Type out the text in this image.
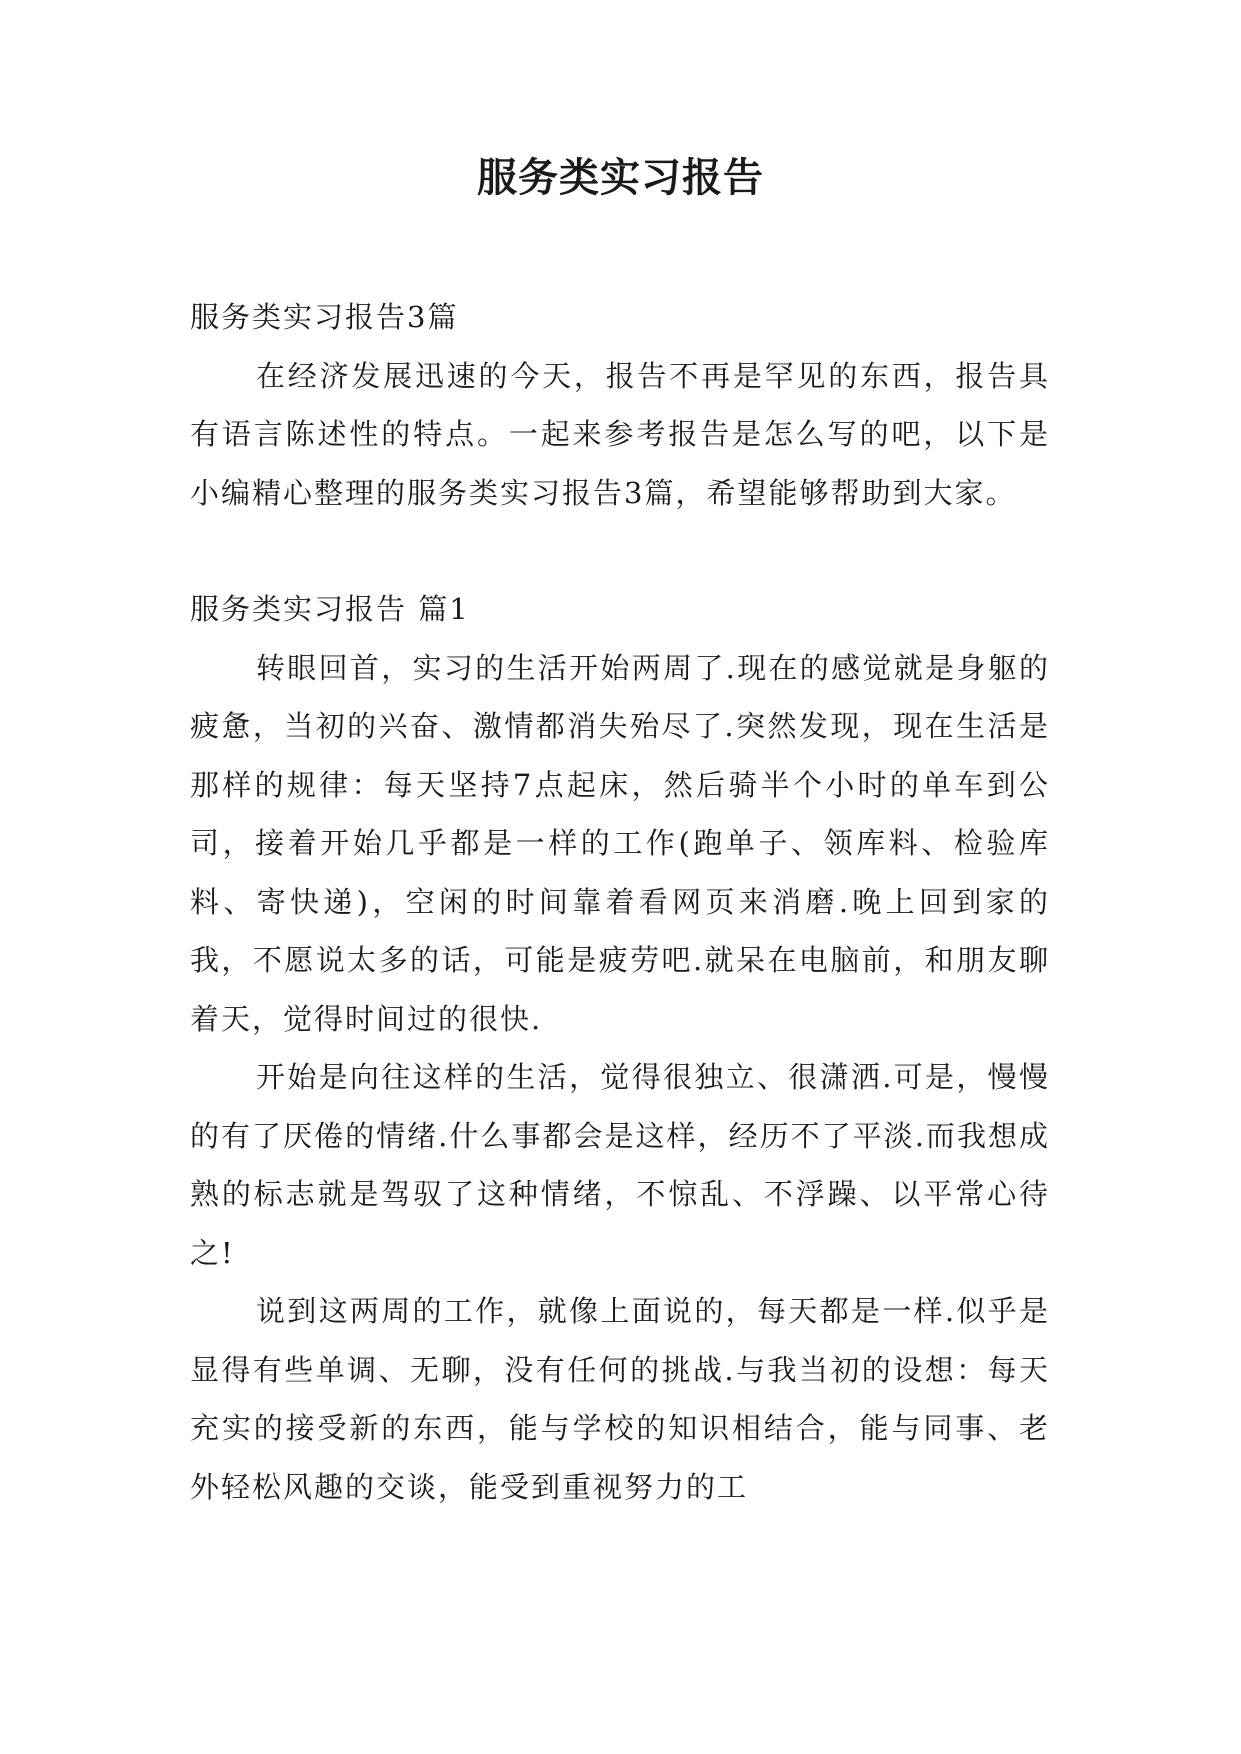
服务类实习报告

服务类实习报告3篇

在经济发展迅速的今天，报告不再是罕见的东西，报告具有语言陈述性的特点。一起来参考报告是怎么写的吧，以下是小编精心整理的服务类实习报告3篇，希望能够帮助到大家。

服务类实习报告 篇1

转眼回首，实习的生活开始两周了.现在的感觉就是身躯的疲惫，当初的兴奋、激情都消失殆尽了.突然发现，现在生活是那样的规律：每天坚持7点起床，然后骑半个小时的单车到公司，接着开始几乎都是一样的工作(跑单子、领库料、检验库料、寄快递)，空闲的时间靠着看网页来消磨.晚上回到家的我，不愿说太多的话，可能是疲劳吧.就呆在电脑前，和朋友聊着天，觉得时间过的很快.

开始是向往这样的生活，觉得很独立、很潇洒.可是，慢慢的有了厌倦的情绪.什么事都会是这样，经历不了平淡.而我想成熟的标志就是驾驭了这种情绪，不惊乱、不浮躁、以平常心待之!

说到这两周的工作，就像上面说的，每天都是一样.似乎是显得有些单调、无聊，没有任何的挑战.与我当初的设想：每天充实的接受新的东西，能与学校的知识相结合，能与同事、老外轻松风趣的交谈，能受到重视努力的工
